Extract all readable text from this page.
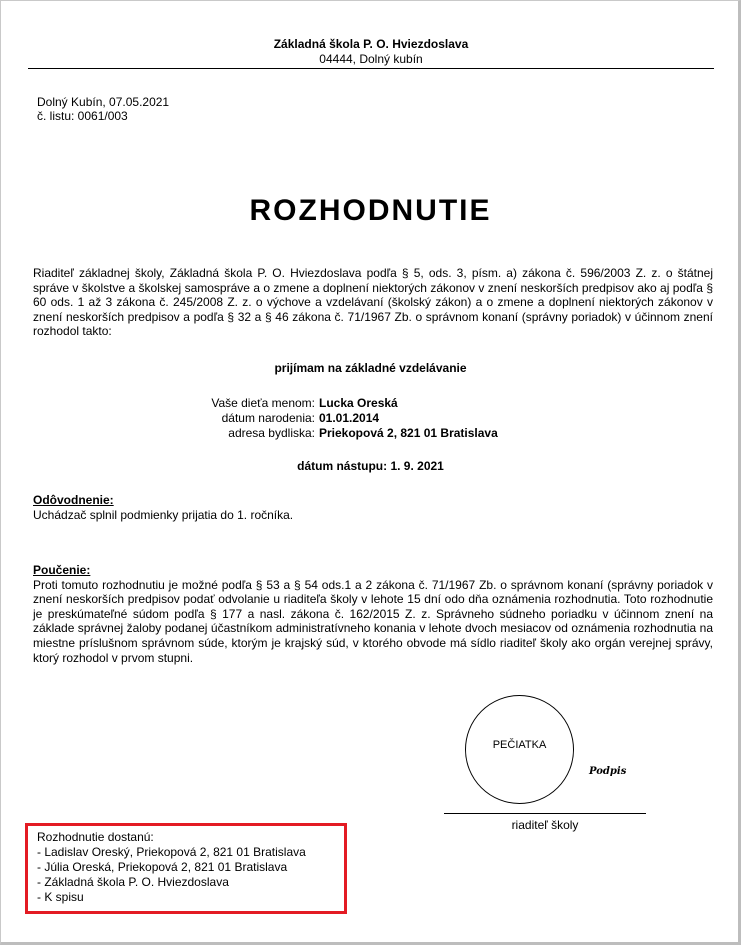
Základná škola P. O. Hviezdoslava
04444, Dolný kubín
Dolný Kubín, 07.05.2021
č. listu: 0061/003
ROZHODNUTIE
Riaditeľ základnej školy, Základná škola P. O. Hviezdoslava podľa § 5, ods. 3, písm. a) zákona č. 596/2003 Z. z. o štátnej správe v školstve a školskej samospráve a o zmene a doplnení niektorých zákonov v znení neskorších predpisov ako aj podľa § 60 ods. 1 až 3 zákona č. 245/2008 Z. z. o výchove a vzdelávaní (školský zákon) a o zmene a doplnení niektorých zákonov v znení neskorších predpisov a podľa § 32 a § 46 zákona č. 71/1967 Zb. o správnom konaní (správny poriadok) v účinnom znení rozhodol takto:
prijímam na základné vzdelávanie
Vaše dieťa menom: Lucka Oreská
dátum narodenia: 01.01.2014
adresa bydliska: Priekopová 2, 821 01 Bratislava
dátum nástupu: 1. 9. 2021
Odôvodnenie:
Uchádzač splnil podmienky prijatia do 1. ročníka.
Poučenie:
Proti tomuto rozhodnutiu je možné podľa § 53 a § 54 ods.1 a 2 zákona č. 71/1967 Zb. o správnom konaní (správny poriadok v znení neskorších predpisov podať odvolanie u riaditeľa školy v lehote 15 dní odo dňa oznámenia rozhodnutia. Toto rozhodnutie je preskúmateľné súdom podľa § 177 a nasl. zákona č. 162/2015 Z. z. Správneho súdneho poriadku v účinnom znení na základe správnej žaloby podanej účastníkom administratívneho konania v lehote dvoch mesiacov od oznámenia rozhodnutia na miestne príslušnom správnom súde, ktorým je krajský súd, v ktorého obvode má sídlo riaditeľ školy ako orgán verejnej správy, ktorý rozhodol v prvom stupni.
PEČIATKA
Podpis
riaditeľ školy
Rozhodnutie dostanú:
- Ladislav Oreský, Priekopová 2, 821 01 Bratislava
- Júlia Oreská, Priekopová 2, 821 01 Bratislava
- Základná škola P. O. Hviezdoslava
- K spisu
